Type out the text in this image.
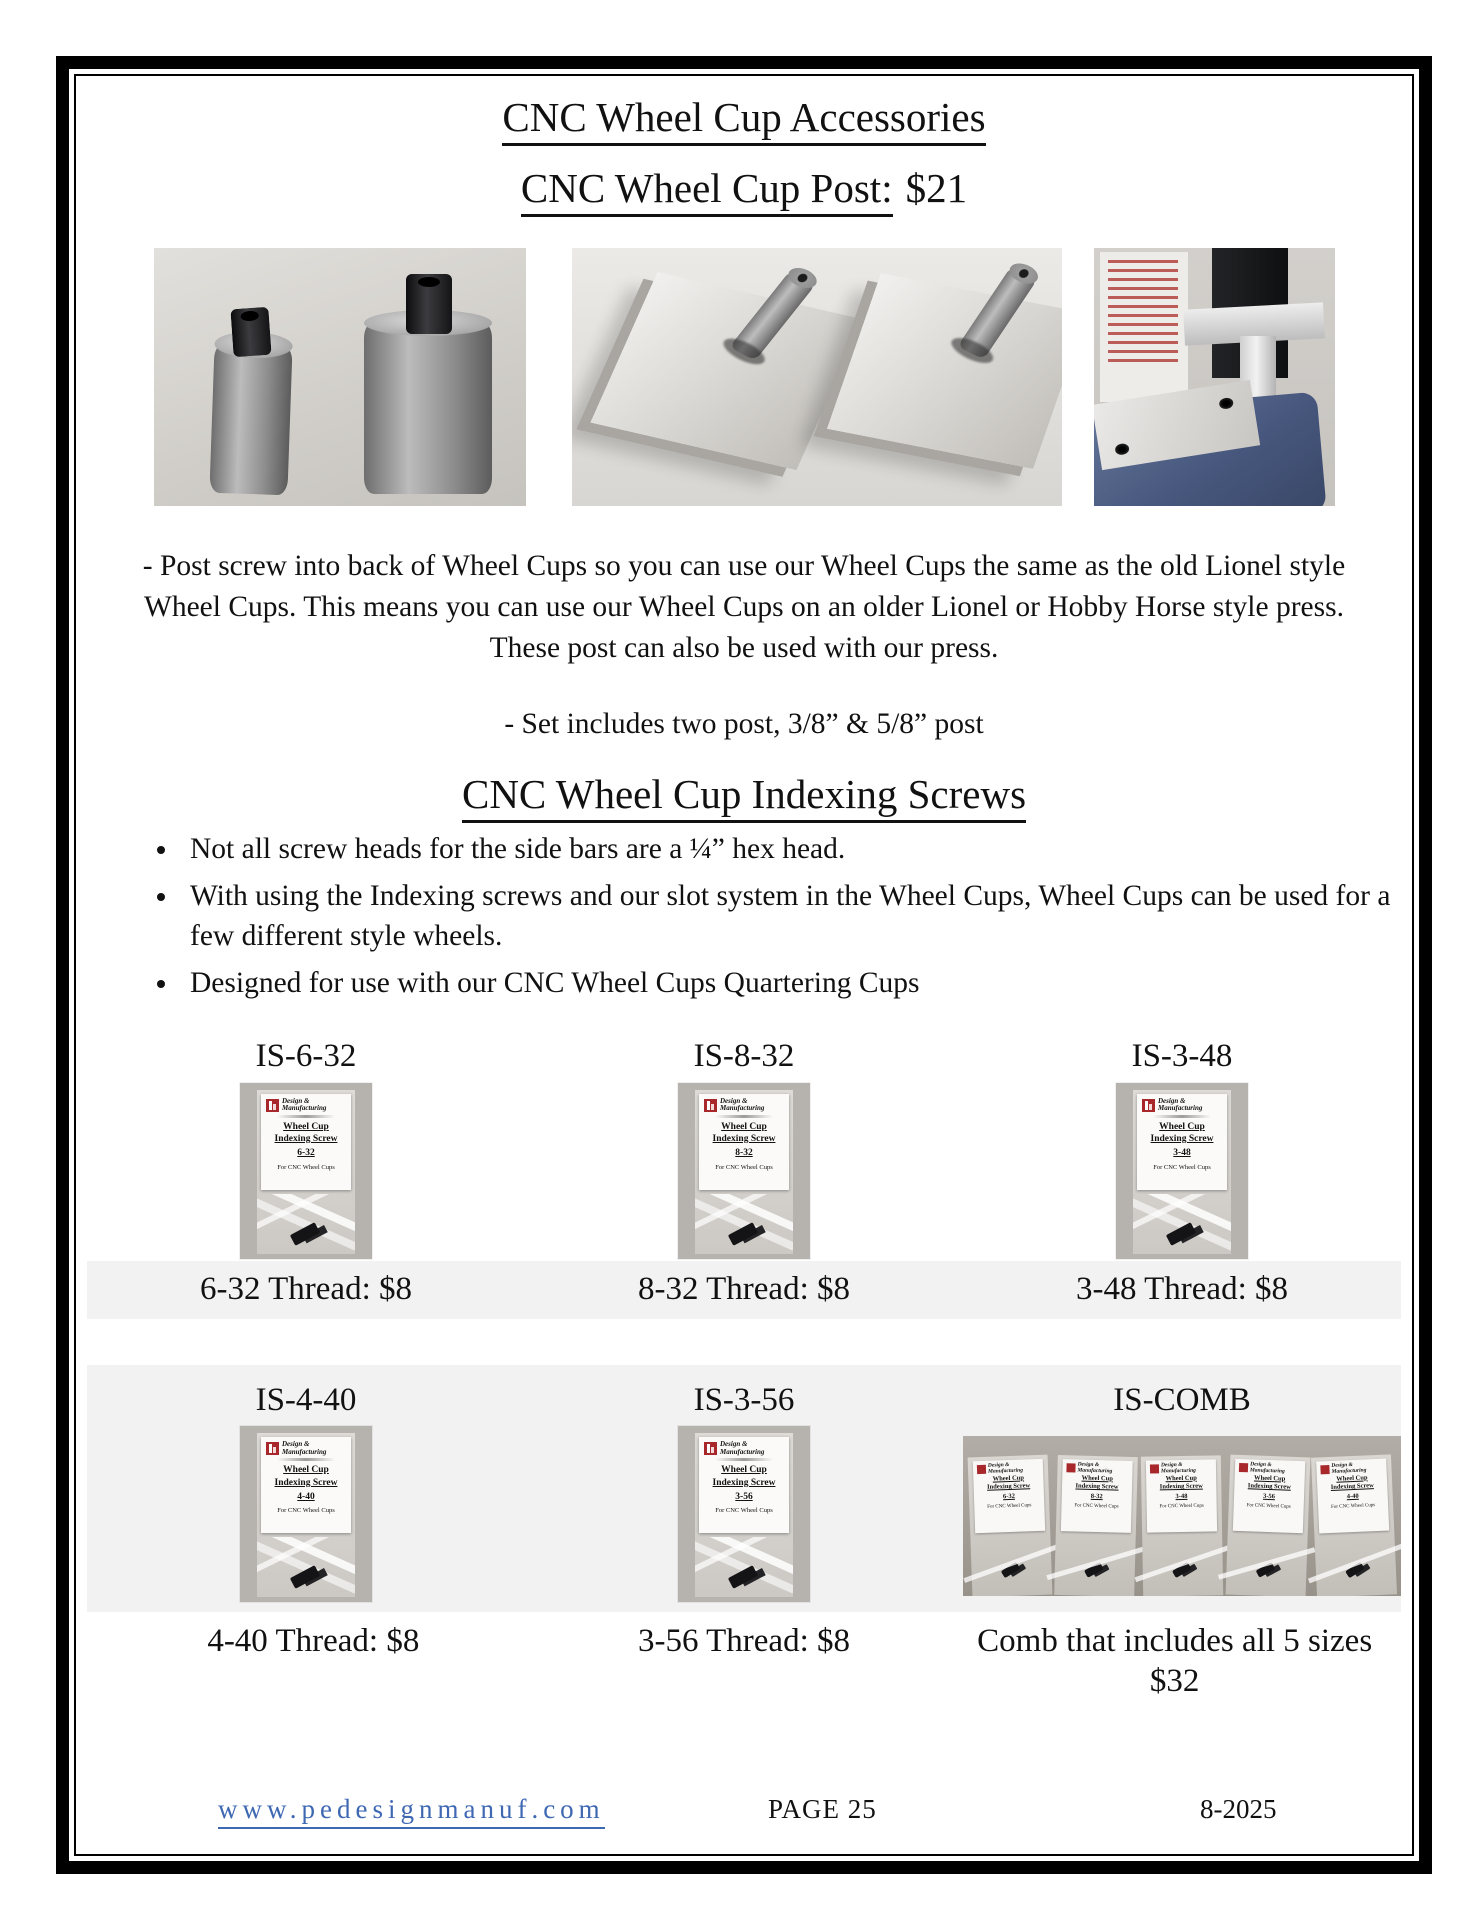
CNC Wheel Cup Accessories
CNC Wheel Cup Post: $21
- Post screw into back of Wheel Cups so you can use our Wheel Cups the same as the old Lionel style Wheel Cups. This means you can use our Wheel Cups on an older Lionel or Hobby Horse style press. These post can also be used with our press.
- Set includes two post, 3/8” & 5/8” post
CNC Wheel Cup Indexing Screws
• Not all screw heads for the side bars are a ¼” hex head.
• With using the Indexing screws and our slot system in the Wheel Cups, Wheel Cups can be used for a few different style wheels.
• Designed for use with our CNC Wheel Cups Quartering Cups
IS-6-32
Design &
Manufacturing
Wheel Cup
Indexing Screw
6-32
For CNC Wheel Cups
IS-8-32
Design &
Manufacturing
Wheel Cup
Indexing Screw
8-32
For CNC Wheel Cups
IS-3-48
Design &
Manufacturing
Wheel Cup
Indexing Screw
3-48
For CNC Wheel Cups
6-32 Thread: $8	8-32 Thread: $8	3-48 Thread: $8
IS-4-40
Design &
Manufacturing
Wheel Cup
Indexing Screw
4-40
For CNC Wheel Cups
IS-3-56
Design &
Manufacturing
Wheel Cup
Indexing Screw
3-56
For CNC Wheel Cups
IS-COMB
Design &
Manufacturing
Wheel Cup
Indexing Screw
6-32
For CNC Wheel Cups
Design &
Manufacturing
Wheel Cup
Indexing Screw
8-32
For CNC Wheel Cups
Design &
Manufacturing
Wheel Cup
Indexing Screw
3-48
For CNC Wheel Cups
Design &
Manufacturing
Wheel Cup
Indexing Screw
3-56
For CNC Wheel Cups
Design &
Manufacturing
Wheel Cup
Indexing Screw
4-40
For CNC Wheel Cups
4-40 Thread: $8	3-56 Thread: $8	Comb that includes all 5 sizes
$32
www.pedesignmanuf.com	PAGE 25	8-2025
